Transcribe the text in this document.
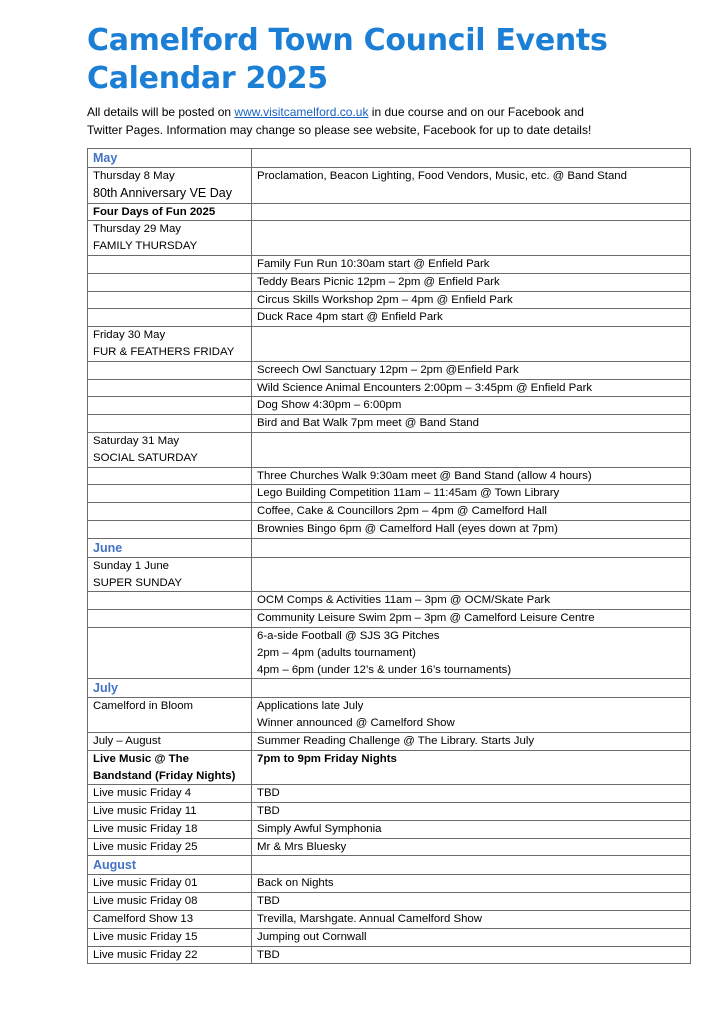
Camelford Town Council Events
Calendar 2025
All details will be posted on www.visitcamelford.co.uk in due course and on our Facebook and
Twitter Pages. Information may change so please see website, Facebook for up to date details!
May	
Thursday 8 May
80th Anniversary VE Day	Proclamation, Beacon Lighting, Food Vendors, Music, etc. @ Band Stand
Four Days of Fun 2025	
Thursday 29 May
FAMILY THURSDAY	
	Family Fun Run 10:30am start @ Enfield Park
	Teddy Bears Picnic 12pm – 2pm @ Enfield Park
	Circus Skills Workshop 2pm – 4pm @ Enfield Park
	Duck Race 4pm start @ Enfield Park
Friday 30 May
FUR & FEATHERS FRIDAY	
	Screech Owl Sanctuary 12pm – 2pm @Enfield Park
	Wild Science Animal Encounters 2:00pm – 3:45pm @ Enfield Park
	Dog Show 4:30pm – 6:00pm
	Bird and Bat Walk 7pm meet @ Band Stand
Saturday 31 May
SOCIAL SATURDAY	
	Three Churches Walk 9:30am meet @ Band Stand (allow 4 hours)
	Lego Building Competition 11am – 11:45am @ Town Library
	Coffee, Cake & Councillors 2pm – 4pm @ Camelford Hall
	Brownies Bingo 6pm @ Camelford Hall (eyes down at 7pm)
June	
Sunday 1 June
SUPER SUNDAY	
	OCM Comps & Activities 11am – 3pm @ OCM/Skate Park
	Community Leisure Swim 2pm – 3pm @ Camelford Leisure Centre
	6-a-side Football @ SJS 3G Pitches
2pm – 4pm (adults tournament)
4pm – 6pm (under 12’s & under 16’s tournaments)
July	
Camelford in Bloom	Applications late July
Winner announced @ Camelford Show
July – August	Summer Reading Challenge @ The Library. Starts July
Live Music @ The
Bandstand (Friday Nights)	7pm to 9pm Friday Nights
Live music Friday 4	TBD
Live music Friday 11	TBD
Live music Friday 18	Simply Awful Symphonia
Live music Friday 25	Mr & Mrs Bluesky
August	
Live music Friday 01	Back on Nights
Live music Friday 08	TBD
Camelford Show 13	Trevilla, Marshgate. Annual Camelford Show
Live music Friday 15	Jumping out Cornwall
Live music Friday 22	TBD
